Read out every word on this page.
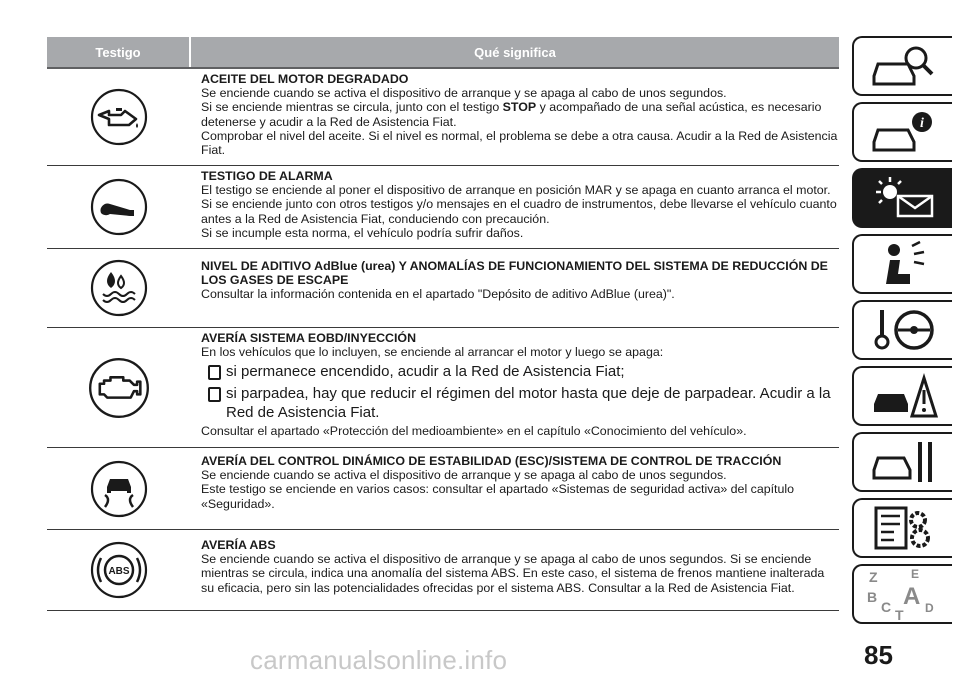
Testigo	Qué significa
ACEITE DEL MOTOR DEGRADADO

Se enciende cuando se activa el dispositivo de arranque y se apaga al cabo de unos segundos.

Si se enciende mientras se circula, junto con el testigo STOP y acompañado de una señal acústica, es necesario detenerse y acudir a la Red de Asistencia Fiat.

Comprobar el nivel del aceite. Si el nivel es normal, el problema se debe a otra causa. Acudir a la Red de Asistencia Fiat.

TESTIGO DE ALARMA

El testigo se enciende al poner el dispositivo de arranque en posición MAR y se apaga en cuanto arranca el motor.

Si se enciende junto con otros testigos y/o mensajes en el cuadro de instrumentos, debe llevarse el vehículo cuanto antes a la Red de Asistencia Fiat, conduciendo con precaución.

Si se incumple esta norma, el vehículo podría sufrir daños.

NIVEL DE ADITIVO AdBlue (urea) Y ANOMALÍAS DE FUNCIONAMIENTO DEL SISTEMA DE REDUCCIÓN DE LOS GASES DE ESCAPE

Consultar la información contenida en el apartado "Depósito de aditivo AdBlue (urea)".

AVERÍA SISTEMA EOBD/INYECCIÓN

En los vehículos que lo incluyen, se enciende al arrancar el motor y luego se apaga:

si permanece encendido, acudir a la Red de Asistencia Fiat;
si parpadea, hay que reducir el régimen del motor hasta que deje de parpadear. Acudir a la Red de Asistencia Fiat.

Consultar el apartado «Protección del medioambiente» en el capítulo «Conocimiento del vehículo».

AVERÍA DEL CONTROL DINÁMICO DE ESTABILIDAD (ESC)/SISTEMA DE CONTROL DE TRACCIÓN

Se enciende cuando se activa el dispositivo de arranque y se apaga al cabo de unos segundos.

Este testigo se enciende en varios casos: consultar el apartado «Sistemas de seguridad activa» del capítulo «Seguridad».

ABS
AVERÍA ABS

Se enciende cuando se activa el dispositivo de arranque y se apaga al cabo de unos segundos. Si se enciende mientras se circula, indica una anomalía del sistema ABS. En este caso, el sistema de frenos mantiene inalterada su eficacia, pero sin las potencialidades ofrecidas por el sistema ABS. Consultar a la Red de Asistencia Fiat.

i
Z	E
B A
C T D
85
carmanualsonline.info
